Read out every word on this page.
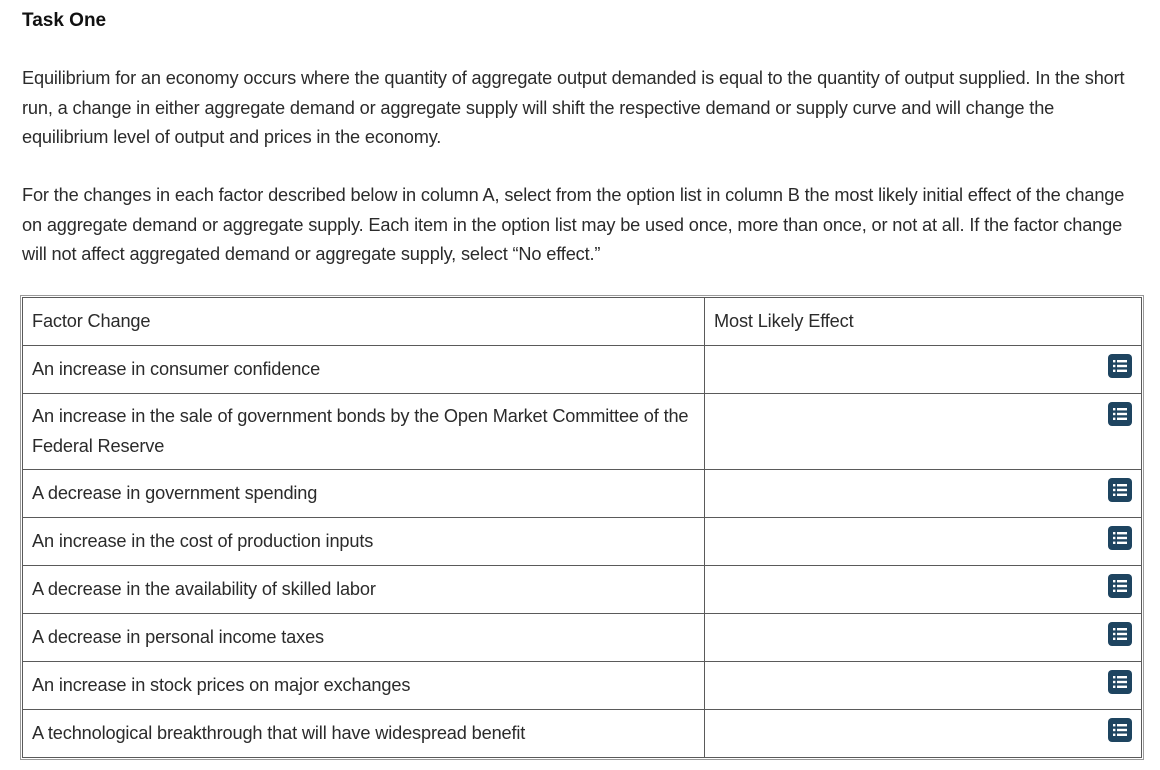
Task One

Equilibrium for an economy occurs where the quantity of aggregate output demanded is equal to the quantity of output supplied. In the short run, a change in either aggregate demand or aggregate supply will shift the respective demand or supply curve and will change the equilibrium level of output and prices in the economy.

For the changes in each factor described below in column A, select from the option list in column B the most likely initial effect of the change on aggregate demand or aggregate supply. Each item in the option list may be used once, more than once, or not at all. If the factor change will not affect aggregated demand or aggregate supply, select “No effect.”

Factor Change	Most Likely Effect
An increase in consumer confidence	

An increase in the sale of government bonds by the Open Market Committee of the Federal Reserve	

A decrease in government spending	

An increase in the cost of production inputs	

A decrease in the availability of skilled labor	

A decrease in personal income taxes	

An increase in stock prices on major exchanges	

A technological breakthrough that will have widespread benefit	
